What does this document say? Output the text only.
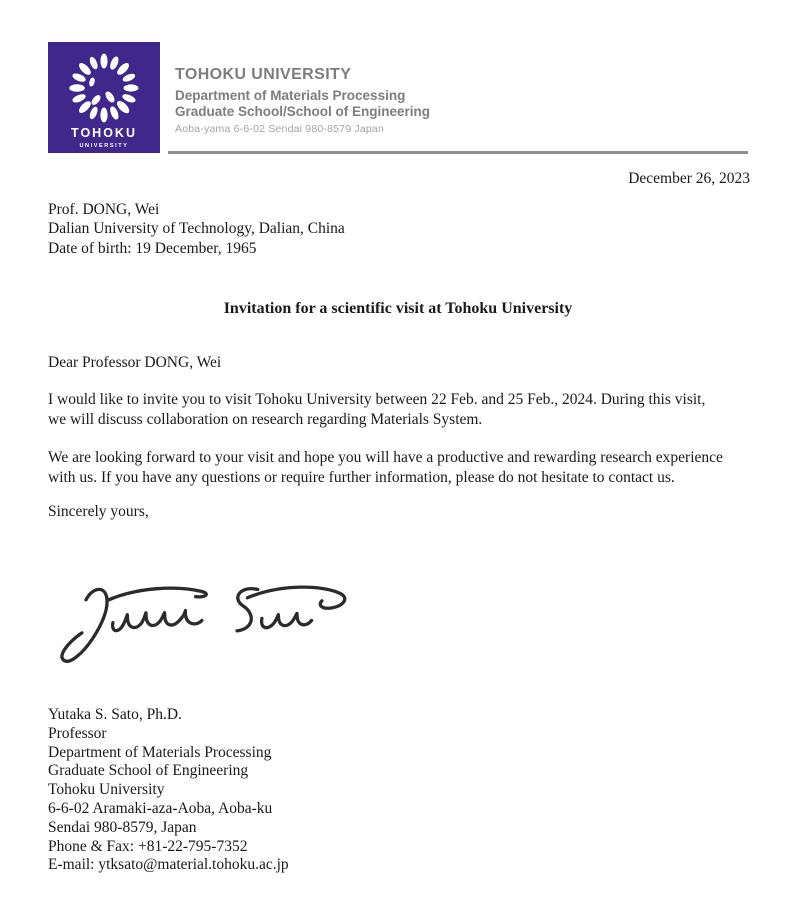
TOHOKU
UNIVERSITY
TOHOKU UNIVERSITY
Department of Materials Processing
Graduate School/School of Engineering
Aoba-yama 6-6-02 Sendai 980-8579 Japan
December 26, 2023
Prof. DONG, Wei
Dalian University of Technology, Dalian, China
Date of birth: 19 December, 1965
Invitation for a scientific visit at Tohoku University
Dear Professor DONG, Wei
I would like to invite you to visit Tohoku University between 22 Feb. and 25 Feb., 2024. During this visit,
we will discuss collaboration on research regarding Materials System.
We are looking forward to your visit and hope you will have a productive and rewarding research experience
with us. If you have any questions or require further information, please do not hesitate to contact us.
Sincerely yours,
Yutaka S. Sato, Ph.D.
Professor
Department of Materials Processing
Graduate School of Engineering
Tohoku University
6-6-02 Aramaki-aza-Aoba, Aoba-ku
Sendai 980-8579, Japan
Phone & Fax: +81-22-795-7352
E-mail: ytksato@material.tohoku.ac.jp
